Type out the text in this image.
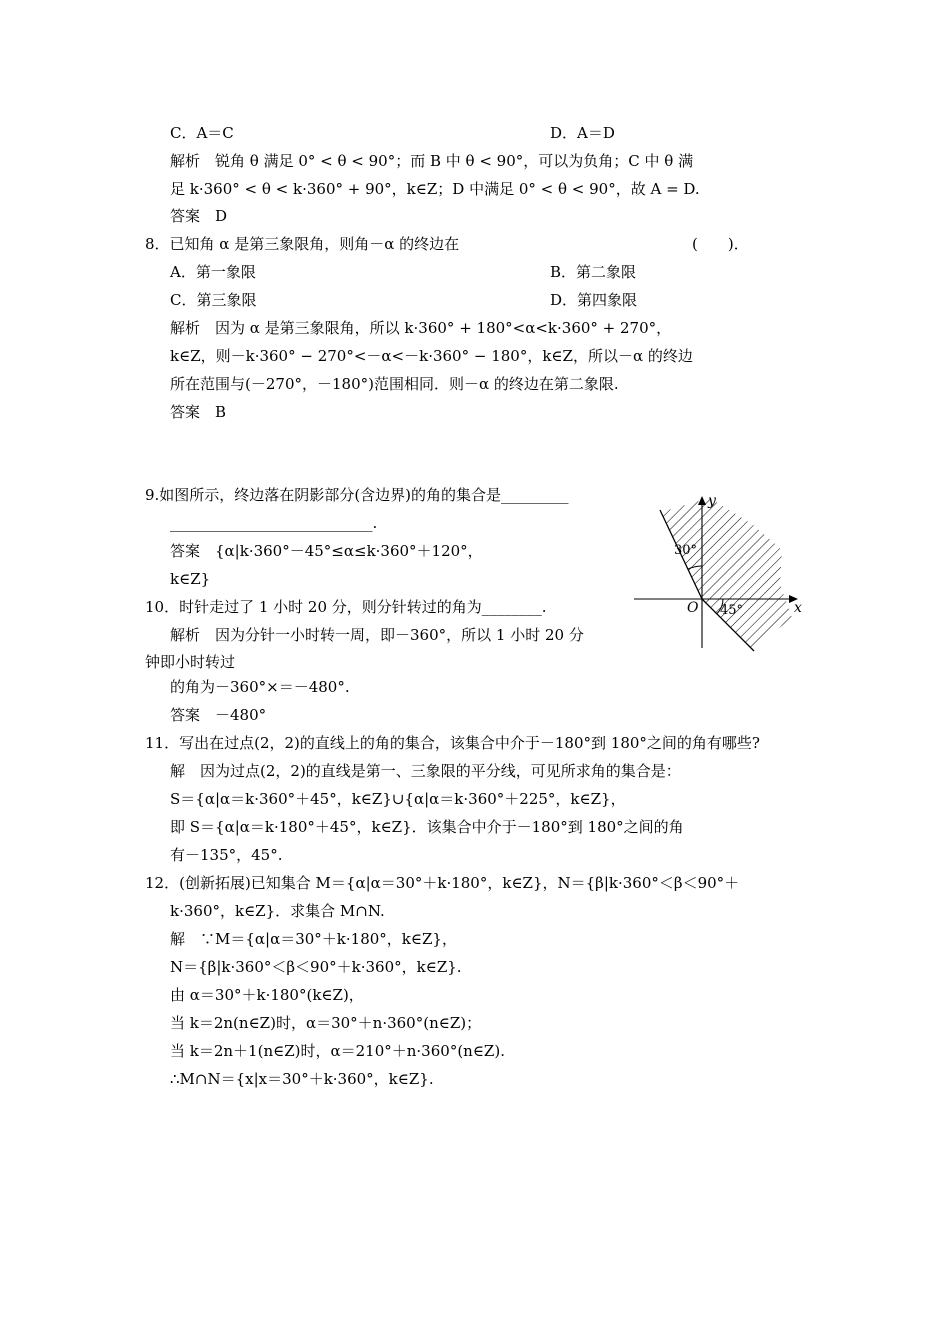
C．A＝C	D．A＝D
解析　锐角 θ 满足 0° < θ < 90°；而 B 中 θ < 90°，可以为负角；C 中 θ 满
足 k·360° < θ < k·360° + 90°，k∈Z；D 中满足 0° < θ < 90°，故 A = D.
答案　D
8．已知角 α 是第三象限角，则角－α 的终边在	(　　)．
A．第一象限	B．第二象限
C．第三象限	D．第四象限
解析　因为 α 是第三象限角，所以 k·360° + 180°<α<k·360° + 270°，
k∈Z，则－k·360° − 270°<－α<－k·360° − 180°，k∈Z，所以－α 的终边
所在范围与(－270°，－180°)范围相同．则－α 的终边在第二象限.
答案　B
9.如图所示，终边落在阴影部分(含边界)的角的集合是_________
___________________________.
答案　{α|k·360°－45°≤α≤k·360°＋120°，
k∈Z}
y
x
O
30°
45°
10．时针走过了 1 小时 20 分，则分针转过的角为________.
解析　因为分针一小时转一周，即－360°，所以 1 小时 20 分
钟即小时转过
的角为－360°×＝－480°.
答案　－480°
11．写出在过点(2，2)的直线上的角的集合，该集合中介于－180°到 180°之间的角有哪些?
解　因为过点(2，2)的直线是第一、三象限的平分线，可见所求角的集合是：
S＝{α|α＝k·360°＋45°，k∈Z}∪{α|α＝k·360°＋225°，k∈Z}，
即 S＝{α|α＝k·180°＋45°，k∈Z}．该集合中介于－180°到 180°之间的角
有－135°，45°.
12．(创新拓展)已知集合 M＝{α|α＝30°＋k·180°，k∈Z}，N＝{β|k·360°＜β＜90°＋
k·360°，k∈Z}．求集合 M∩N.
解　∵M＝{α|α＝30°＋k·180°，k∈Z}，
N＝{β|k·360°＜β＜90°＋k·360°，k∈Z}.
由 α＝30°＋k·180°(k∈Z)，
当 k＝2n(n∈Z)时，α＝30°＋n·360°(n∈Z)；
当 k＝2n＋1(n∈Z)时，α＝210°＋n·360°(n∈Z).
∴M∩N＝{x|x＝30°＋k·360°，k∈Z}.
